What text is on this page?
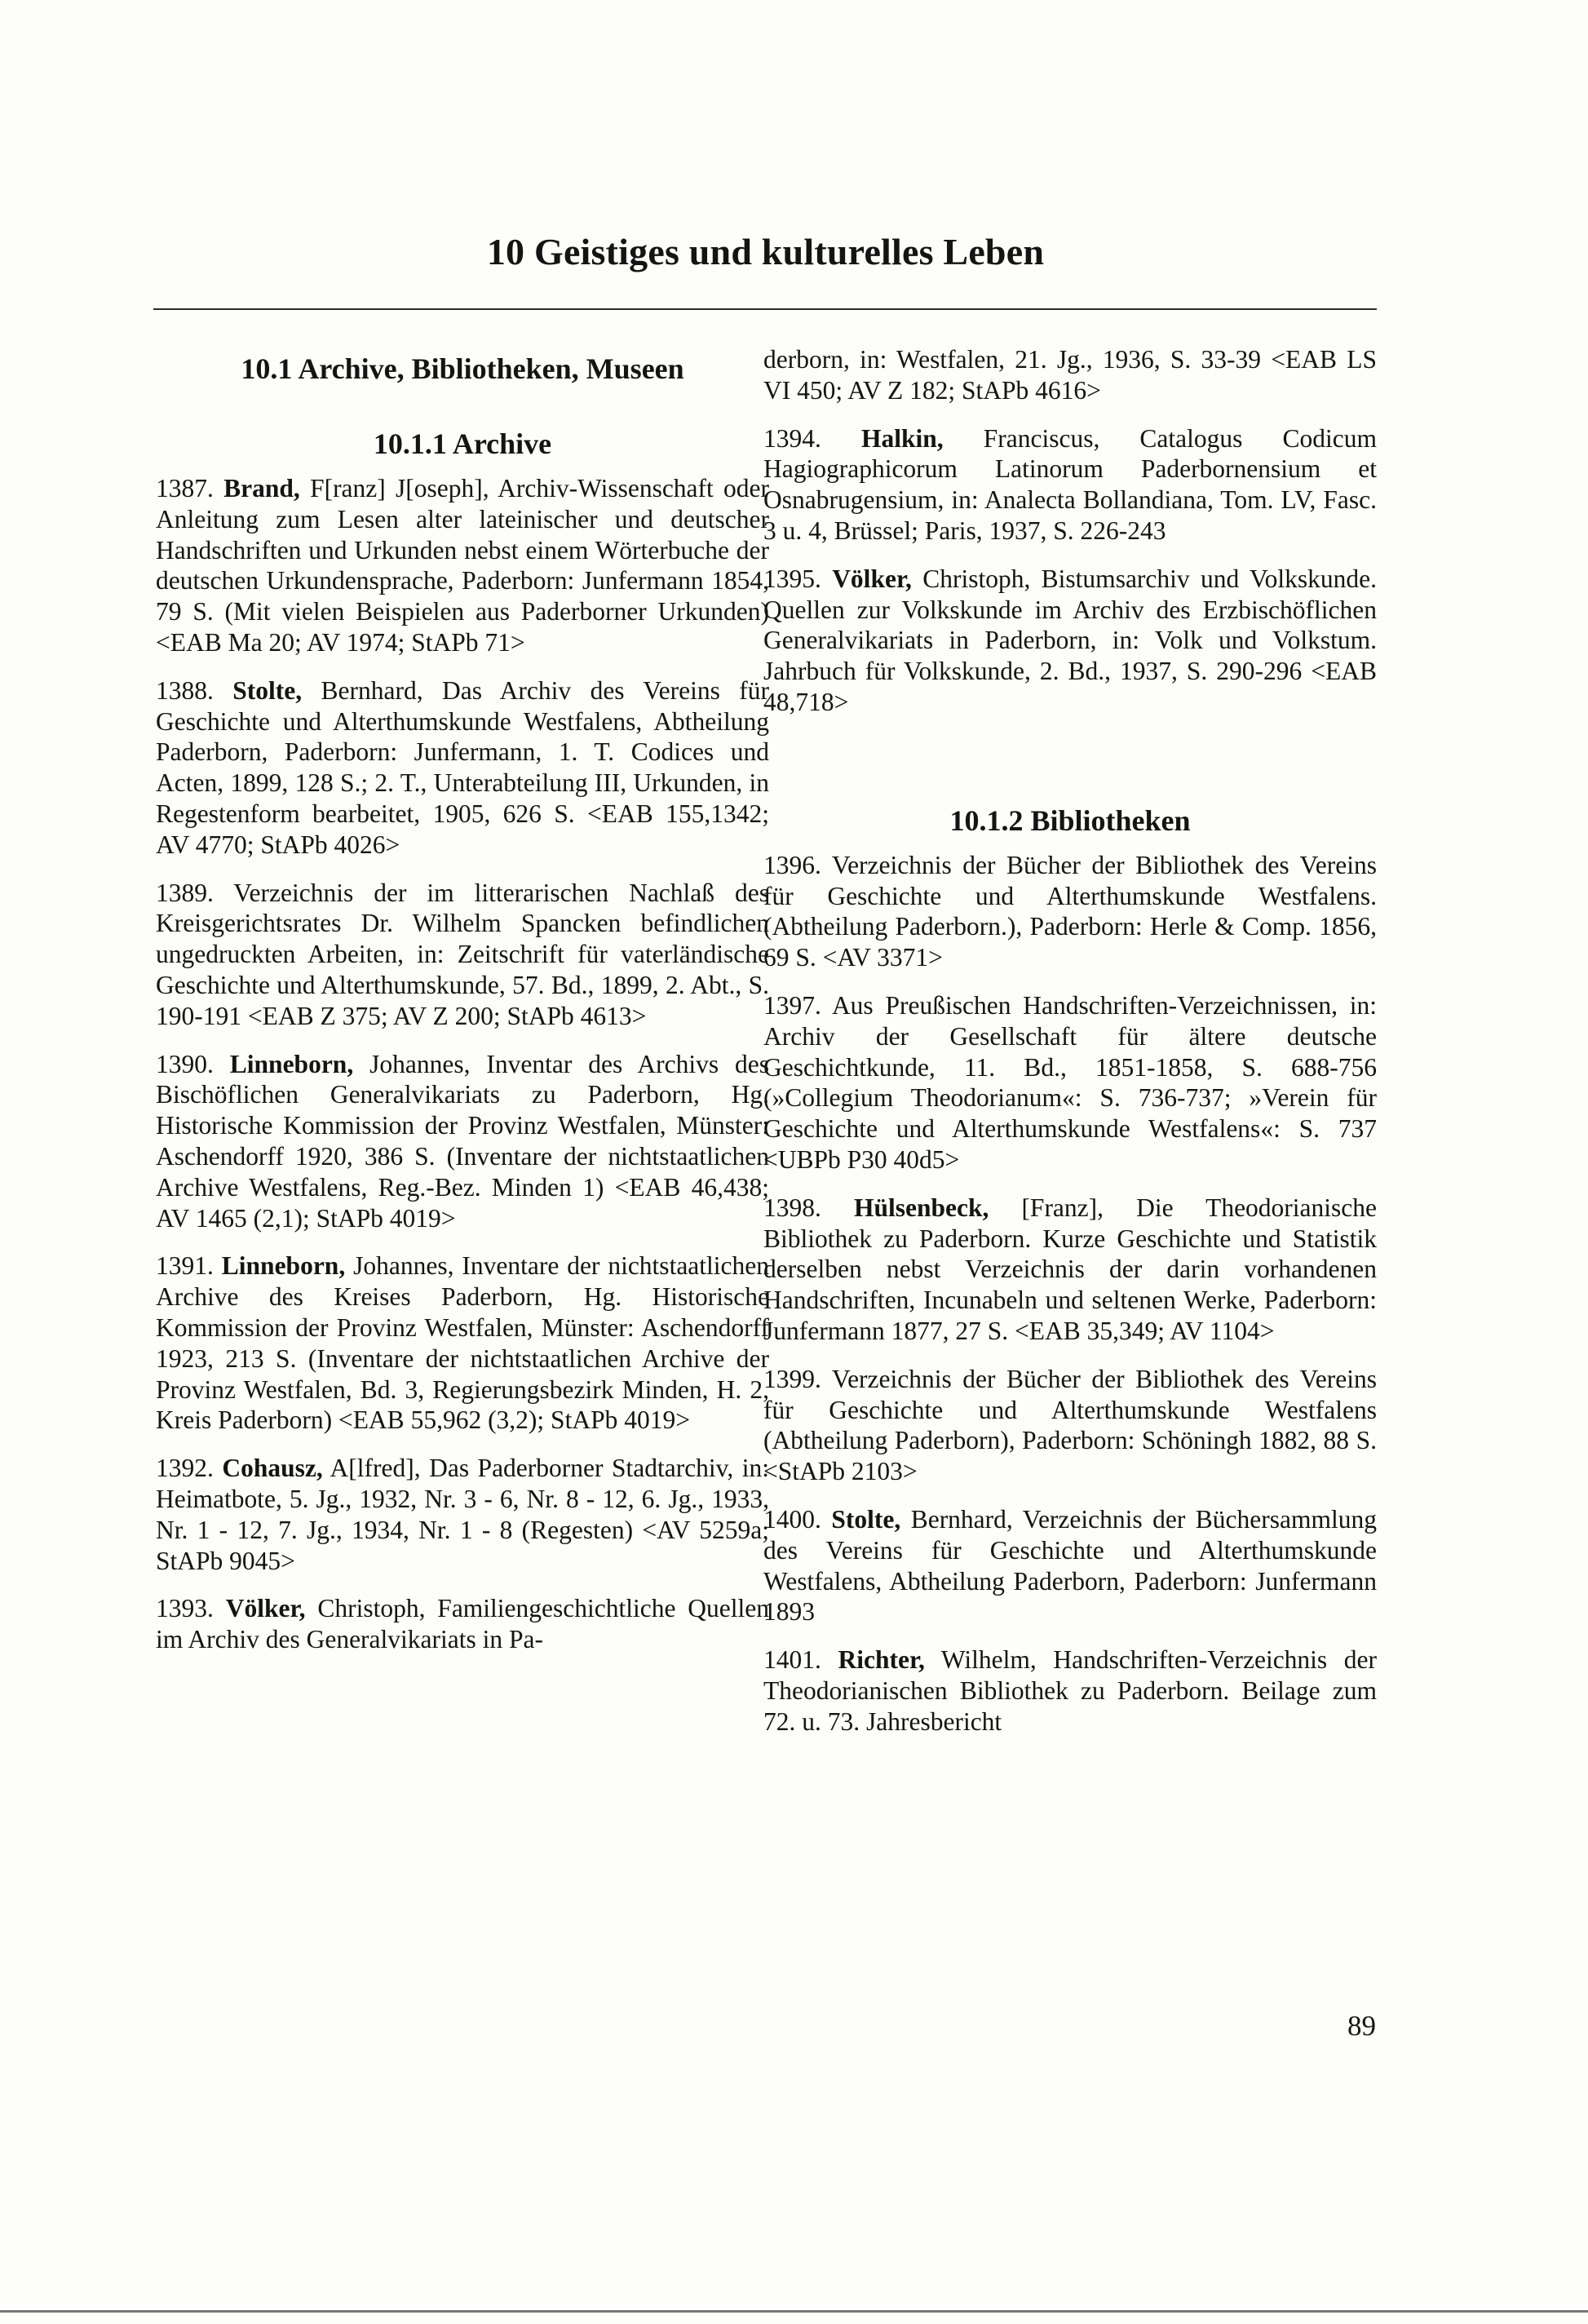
10 Geistiges und kulturelles Leben
10.1 Archive, Bibliotheken, Museen
10.1.1 Archive

1387. Brand, F[ranz] J[oseph], Archiv-Wissenschaft oder Anleitung zum Lesen alter lateinischer und deutscher Handschriften und Urkunden nebst einem Wörterbuche der deutschen Urkundensprache, Paderborn: Junfermann 1854, 79 S. (Mit vielen Beispielen aus Paderborner Urkunden) <EAB Ma 20; AV 1974; StAPb 71>

1388. Stolte, Bernhard, Das Archiv des Vereins für Geschichte und Alterthumskunde Westfalens, Abtheilung Paderborn, Paderborn: Junfermann, 1. T. Codices und Acten, 1899, 128 S.; 2. T., Unterabteilung III, Urkunden, in Regestenform bearbeitet, 1905, 626 S. <EAB 155,1342; AV 4770; StAPb 4026>

1389. Verzeichnis der im litterarischen Nachlaß des Kreisgerichtsrates Dr. Wilhelm Spancken befindlichen ungedruckten Arbeiten, in: Zeitschrift für vaterländische Geschichte und Alterthumskunde, 57. Bd., 1899, 2. Abt., S. 190-191 <EAB Z 375; AV Z 200; StAPb 4613>

1390. Linneborn, Johannes, Inventar des Archivs des Bischöflichen Generalvikariats zu Paderborn, Hg. Historische Kommission der Provinz Westfalen, Münster: Aschendorff 1920, 386 S. (Inventare der nichtstaatlichen Archive Westfalens, Reg.-Bez. Minden 1) <EAB 46,438; AV 1465 (2,1); StAPb 4019>

1391. Linneborn, Johannes, Inventare der nichtstaatlichen Archive des Kreises Paderborn, Hg. Historische Kommission der Provinz Westfalen, Münster: Aschendorff 1923, 213 S. (Inventare der nichtstaatlichen Archive der Provinz Westfalen, Bd. 3, Regierungsbezirk Minden, H. 2, Kreis Paderborn) <EAB 55,962 (3,2); StAPb 4019>

1392. Cohausz, A[lfred], Das Paderborner Stadtarchiv, in: Heimatbote, 5. Jg., 1932, Nr. 3 - 6, Nr. 8 - 12, 6. Jg., 1933, Nr. 1 - 12, 7. Jg., 1934, Nr. 1 - 8 (Regesten) <AV 5259a; StAPb 9045>

1393. Völker, Christoph, Familiengeschichtliche Quellen im Archiv des Generalvikariats in Pa-

derborn, in: Westfalen, 21. Jg., 1936, S. 33-39 <EAB LS VI 450; AV Z 182; StAPb 4616>

1394. Halkin, Franciscus, Catalogus Codicum Hagiographicorum Latinorum Paderbornensium et Osnabrugensium, in: Analecta Bollandiana, Tom. LV, Fasc. 3 u. 4, Brüssel; Paris, 1937, S. 226-243

1395. Völker, Christoph, Bistumsarchiv und Volkskunde. Quellen zur Volkskunde im Archiv des Erzbischöflichen Generalvikariats in Paderborn, in: Volk und Volkstum. Jahrbuch für Volkskunde, 2. Bd., 1937, S. 290-296 <EAB 48,718>

10.1.2 Bibliotheken

1396. Verzeichnis der Bücher der Bibliothek des Vereins für Geschichte und Alterthumskunde Westfalens. (Abtheilung Paderborn.), Paderborn: Herle & Comp. 1856, 69 S. <AV 3371>

1397. Aus Preußischen Handschriften-Verzeichnissen, in: Archiv der Gesellschaft für ältere deutsche Geschichtkunde, 11. Bd., 1851-1858, S. 688-756 (»Collegium Theodorianum«: S. 736-737; »Verein für Geschichte und Alterthumskunde Westfalens«: S. 737 <UBPb P30 40d5>

1398. Hülsenbeck, [Franz], Die Theodorianische Bibliothek zu Paderborn. Kurze Geschichte und Statistik derselben nebst Verzeichnis der darin vorhandenen Handschriften, Incunabeln und seltenen Werke, Paderborn: Junfermann 1877, 27 S. <EAB 35,349; AV 1104>

1399. Verzeichnis der Bücher der Bibliothek des Vereins für Geschichte und Alterthumskunde Westfalens (Abtheilung Paderborn), Paderborn: Schöningh 1882, 88 S. <StAPb 2103>

1400. Stolte, Bernhard, Verzeichnis der Büchersammlung des Vereins für Geschichte und Alterthumskunde Westfalens, Abtheilung Paderborn, Paderborn: Junfermann 1893

1401. Richter, Wilhelm, Handschriften-Verzeichnis der Theodorianischen Bibliothek zu Paderborn. Beilage zum 72. u. 73. Jahresbericht

89
